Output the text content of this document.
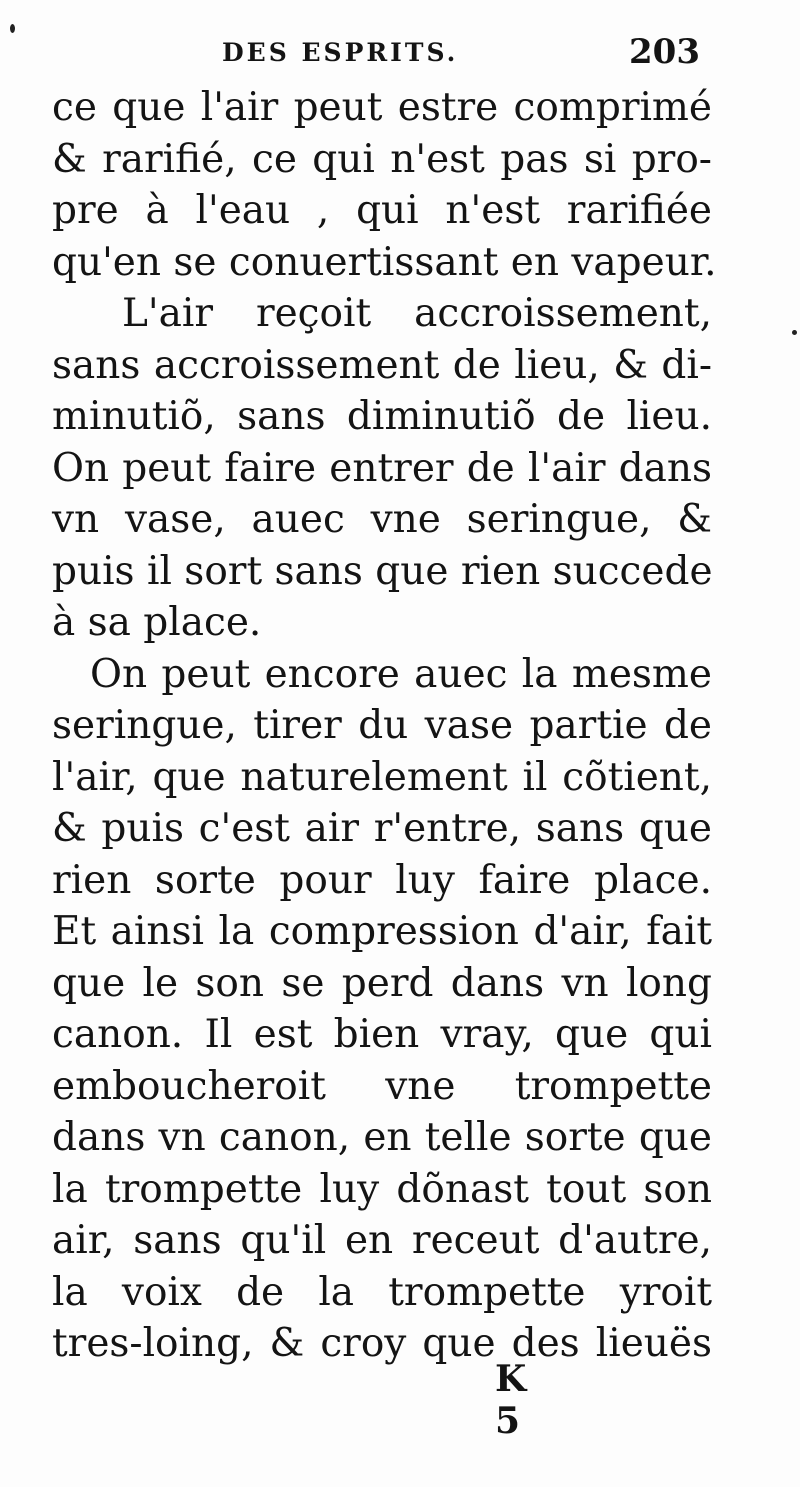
DES ESPRITS.	203
ce que l'air peut estre comprimé
& rarifié, ce qui n'est pas si pro-
pre à l'eau , qui n'est rarifiée
qu'en se conuertissant en vapeur.
L'air reçoit accroissement,
sans accroissement de lieu, & di-
minutiõ, sans diminutiõ de lieu.
On peut faire entrer de l'air dans
vn vase, auec vne seringue, &
puis il sort sans que rien succede
à sa place.
On peut encore auec la mesme
seringue, tirer du vase partie de
l'air, que naturelement il cõtient,
& puis c'est air r'entre, sans que
rien sorte pour luy faire place.
Et ainsi la compression d'air, fait
que le son se perd dans vn long
canon. Il est bien vray, que qui
emboucheroit vne trompette
dans vn canon, en telle sorte que
la trompette luy dõnast tout son
air, sans qu'il en receut d'autre,
la voix de la trompette yroit
tres-loing, & croy que des lieuës
K 5
